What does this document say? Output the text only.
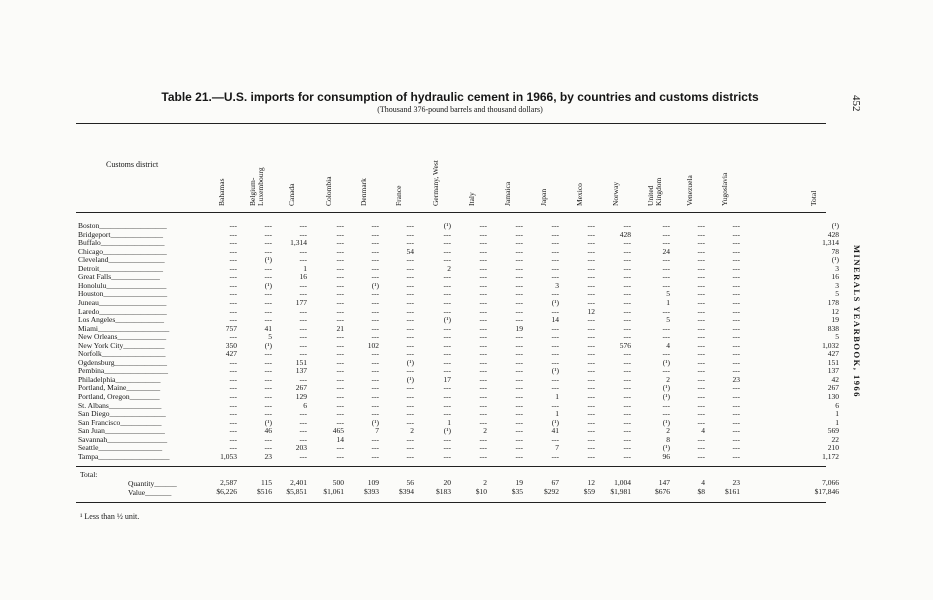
Table 21.—U.S. imports for consumption of hydraulic cement in 1966, by countries and customs districts
(Thousand 376-pound barrels and thousand dollars)	452
MINERALS YEARBOOK, 1966
Customs district
Bahamas	Belgium- Luxembourg	Canada	Colombia	Denmark	France	Germany, West	Italy	Jamaica	Japan	Mexico	Norway	United Kingdom	Venezuela	Yugoslavia	Total
Boston__________________	---	---	---	---	---	---	(¹)	---	---	---	---	---	---	---	---	(¹)
Bridgeport______________	---	---	---	---	---	---	---	---	---	---	---	428	---	---	---	428
Buffalo_________________	---	---	1,314	---	---	---	---	---	---	---	---	---	---	---	---	1,314
Chicago_________________	---	---	---	---	---	54	---	---	---	---	---	---	24	---	---	78
Cleveland_______________	---	(¹)	---	---	---	---	---	---	---	---	---	---	---	---	---	(¹)
Detroit_________________	---	---	1	---	---	---	2	---	---	---	---	---	---	---	---	3
Great Falls_____________	---	---	16	---	---	---	---	---	---	---	---	---	---	---	---	16
Honolulu________________	---	(¹)	---	---	(¹)	---	---	---	---	3	---	---	---	---	---	3
Houston_________________	---	---	---	---	---	---	---	---	---	---	---	---	5	---	---	5
Juneau__________________	---	---	177	---	---	---	---	---	---	(¹)	---	---	1	---	---	178
Laredo__________________	---	---	---	---	---	---	---	---	---	---	12	---	---	---	---	12
Los Angeles_____________	---	---	---	---	---	---	(¹)	---	---	14	---	---	5	---	---	19
Miami___________________	757	41	---	21	---	---	---	---	19	---	---	---	---	---	---	838
New Orleans_____________	---	5	---	---	---	---	---	---	---	---	---	---	---	---	---	5
New York City___________	350	(¹)	---	---	102	---	---	---	---	---	---	576	4	---	---	1,032
Norfolk_________________	427	---	---	---	---	---	---	---	---	---	---	---	---	---	---	427
Ogdensburg______________	---	---	151	---	---	(¹)	---	---	---	---	---	---	(¹)	---	---	151
Pembina_________________	---	---	137	---	---	---	---	---	---	(¹)	---	---	---	---	---	137
Philadelphia____________	---	---	---	---	---	(¹)	17	---	---	---	---	---	2	---	23	42
Portland, Maine_________	---	---	267	---	---	---	---	---	---	---	---	---	(¹)	---	---	267
Portland, Oregon________	---	---	129	---	---	---	---	---	---	1	---	---	(¹)	---	---	130
St. Albans______________	---	---	6	---	---	---	---	---	---	---	---	---	---	---	---	6
San Diego_______________	---	---	---	---	---	---	---	---	---	1	---	---	---	---	---	1
San Francisco___________	---	(¹)	---	---	(¹)	---	1	---	---	(¹)	---	---	(¹)	---	---	1
San Juan________________	---	46	---	465	7	2	(¹)	2	---	41	---	---	2	4	---	569
Savannah________________	---	---	---	14	---	---	---	---	---	---	---	---	8	---	---	22
Seattle_________________	---	---	203	---	---	---	---	---	---	7	---	---	(¹)	---	---	210
Tampa___________________	1,053	23	---	---	---	---	---	---	---	---	---	---	96	---	---	1,172
Total:
Quantity______
Value_______
2,587	115	2,401	500	109	56	20	2	19	67	12	1,004	147	4	23	7,066
$6,226	$516	$5,851	$1,061	$393	$394	$183	$10	$35	$292	$59	$1,981	$676	$8	$161	$17,846
¹ Less than ½ unit.
